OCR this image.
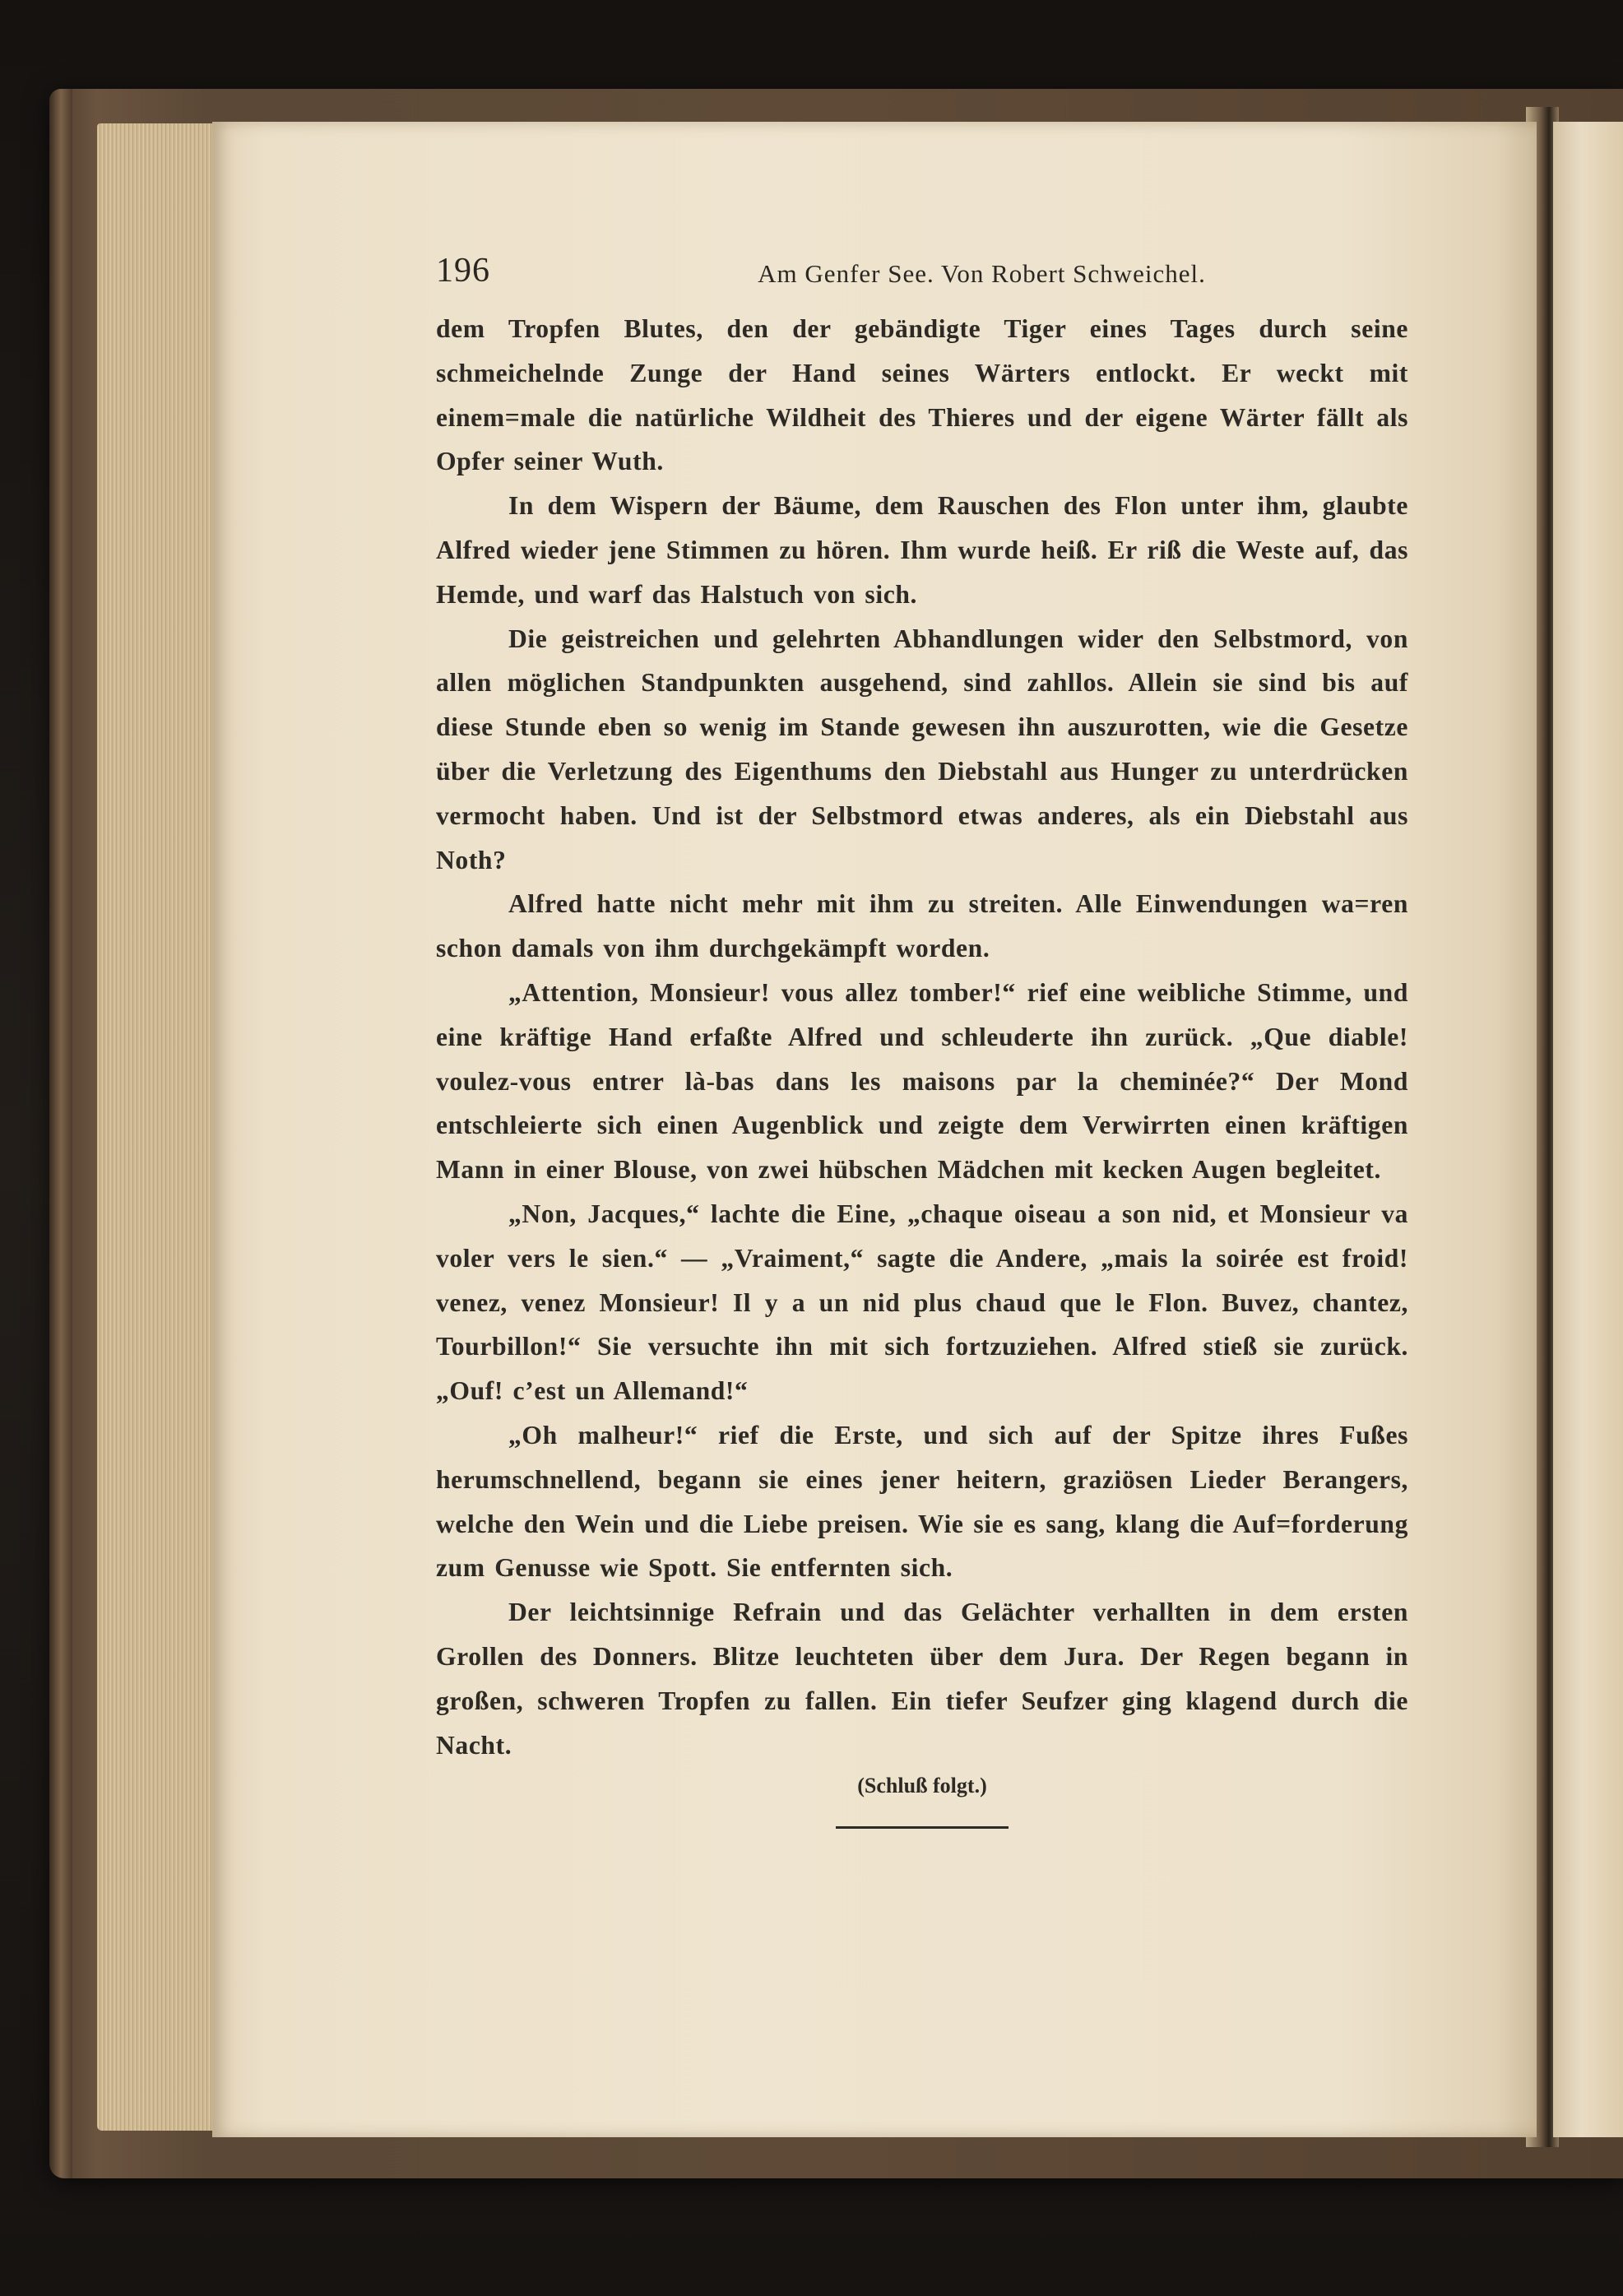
196	Am Genfer See. Von Robert Schweichel.

dem Tropfen Blutes, den der gebändigte Tiger eines Tages durch seine schmeichelnde Zunge der Hand seines Wärters entlockt. Er weckt mit einem=male die natürliche Wildheit des Thieres und der eigene Wärter fällt als Opfer seiner Wuth.

In dem Wispern der Bäume, dem Rauschen des Flon unter ihm, glaubte Alfred wieder jene Stimmen zu hören. Ihm wurde heiß. Er riß die Weste auf, das Hemde, und warf das Halstuch von sich.

Die geistreichen und gelehrten Abhandlungen wider den Selbstmord, von allen möglichen Standpunkten ausgehend, sind zahllos. Allein sie sind bis auf diese Stunde eben so wenig im Stande gewesen ihn auszurotten, wie die Gesetze über die Verletzung des Eigenthums den Diebstahl aus Hunger zu unterdrücken vermocht haben. Und ist der Selbstmord etwas anderes, als ein Diebstahl aus Noth?

Alfred hatte nicht mehr mit ihm zu streiten. Alle Einwendungen wa=ren schon damals von ihm durchgekämpft worden.

„Attention, Monsieur! vous allez tomber!“ rief eine weibliche Stimme, und eine kräftige Hand erfaßte Alfred und schleuderte ihn zurück. „Que diable! voulez-vous entrer là-bas dans les maisons par la cheminée?“ Der Mond entschleierte sich einen Augenblick und zeigte dem Verwirrten einen kräftigen Mann in einer Blouse, von zwei hübschen Mädchen mit kecken Augen begleitet.

„Non, Jacques,“ lachte die Eine, „chaque oiseau a son nid, et Monsieur va voler vers le sien.“ — „Vraiment,“ sagte die Andere, „mais la soirée est froid! venez, venez Monsieur! Il y a un nid plus chaud que le Flon. Buvez, chantez, Tourbillon!“ Sie versuchte ihn mit sich fortzuziehen. Alfred stieß sie zurück. „Ouf! c’est un Allemand!“

„Oh malheur!“ rief die Erste, und sich auf der Spitze ihres Fußes herumschnellend, begann sie eines jener heitern, graziösen Lieder Berangers, welche den Wein und die Liebe preisen. Wie sie es sang, klang die Auf=forderung zum Genusse wie Spott. Sie entfernten sich.

Der leichtsinnige Refrain und das Gelächter verhallten in dem ersten Grollen des Donners. Blitze leuchteten über dem Jura. Der Regen begann in großen, schweren Tropfen zu fallen. Ein tiefer Seufzer ging klagend durch die Nacht.

(Schluß folgt.)
